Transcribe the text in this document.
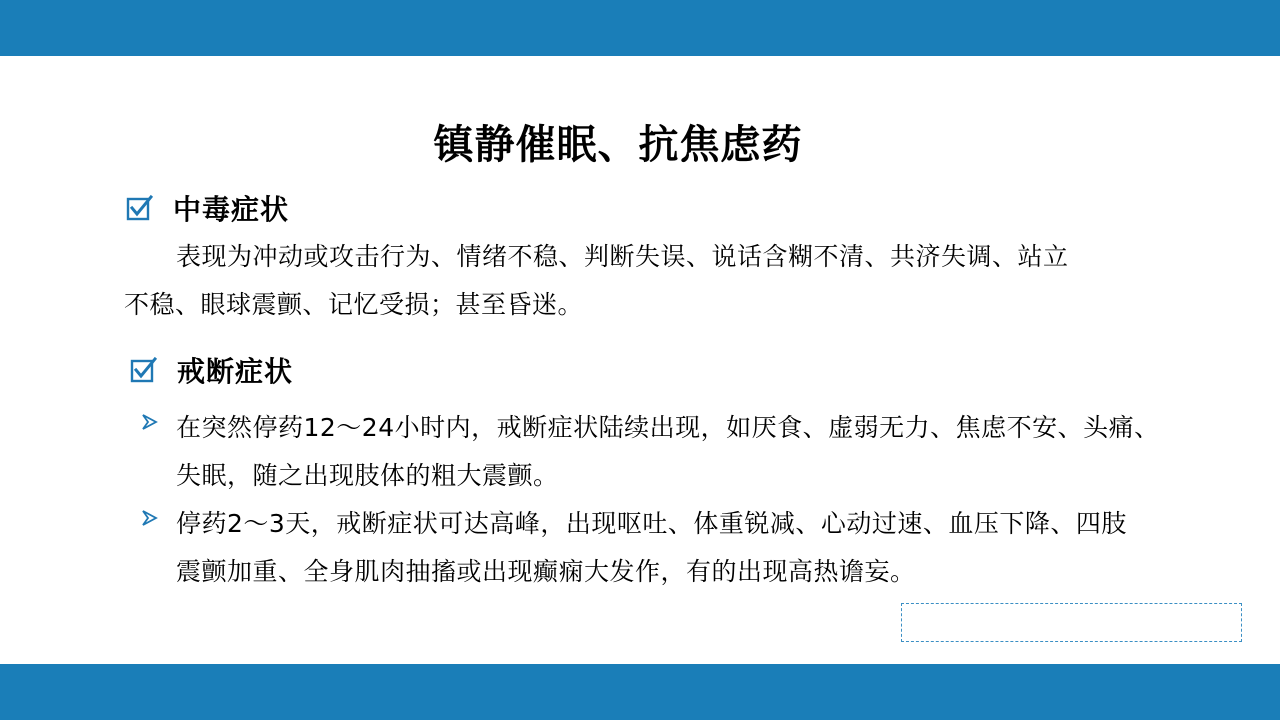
镇静催眠、抗焦虑药
中毒症状
表现为冲动或攻击行为、情绪不稳、判断失误、说话含糊不清、共济失调、站立
不稳、眼球震颤、记忆受损；甚至昏迷。
戒断症状
在突然停药12～24小时内，戒断症状陆续出现，如厌食、虚弱无力、焦虑不安、头痛、
失眠，随之出现肢体的粗大震颤。
停药2～3天，戒断症状可达高峰，出现呕吐、体重锐减、心动过速、血压下降、四肢
震颤加重、全身肌肉抽搐或出现癫痫大发作，有的出现高热谵妄。
